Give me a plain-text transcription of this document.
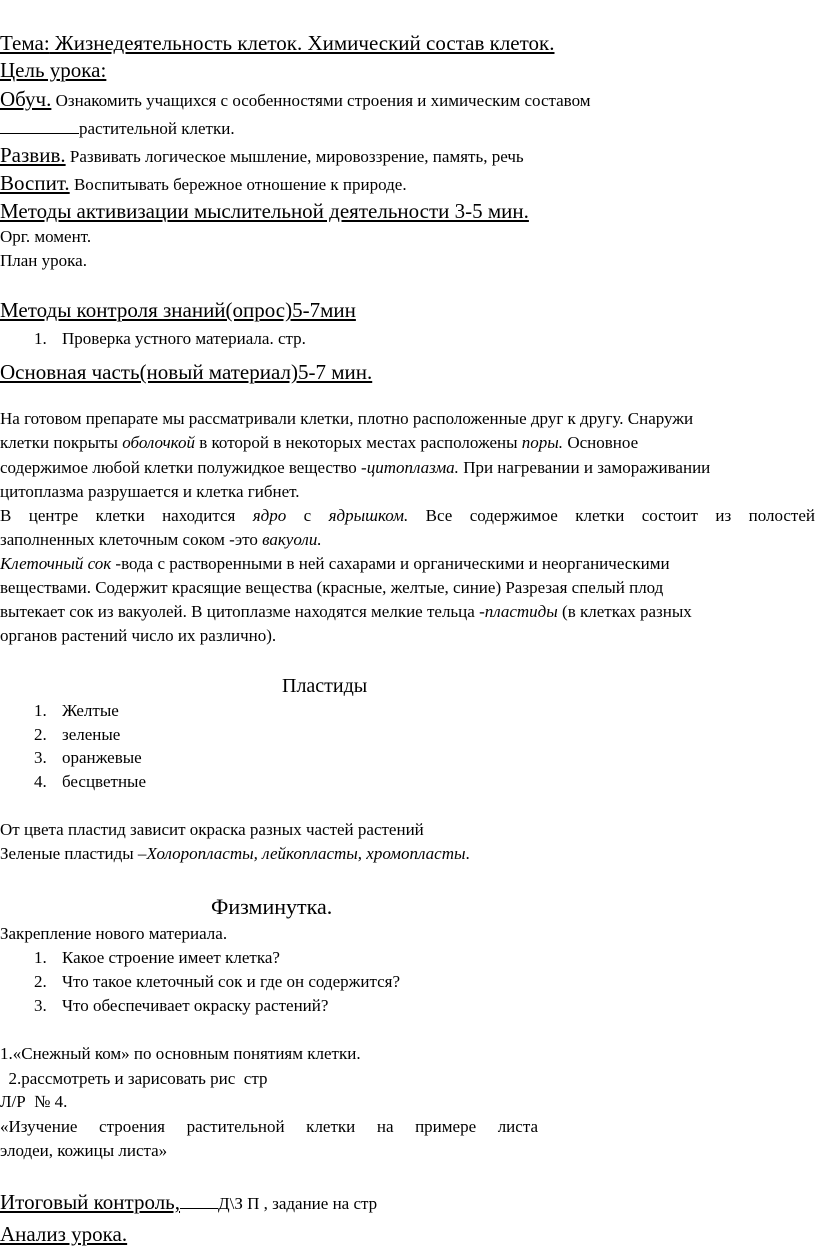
Тема: Жизнедеятельность клеток. Химический состав клеток.
Цель урока:
Обуч. Ознакомить учащихся с особенностями строения и химическим составом
растительной клетки.
Развив. Развивать логическое мышление, мировоззрение, память, речь
Воспит. Воспитывать бережное отношение к природе.
Методы активизации мыслительной деятельности 3-5 мин.
Орг. момент.
План урока.
Методы контроля знаний(опрос)5-7мин
1. Проверка устного материала. стр.
Основная часть(новый материал)5-7 мин.
На готовом препарате мы рассматривали клетки, плотно расположенные друг к другу. Снаружи
клетки покрыты оболочкой в которой в некоторых местах расположены поры. Основное
содержимое любой клетки полужидкое вещество -цитоплазма. При нагревании и замораживании
цитоплазма разрушается и клетка гибнет.
В центре клетки находится ядро с ядрышком. Все содержимое клетки состоит из полостей
заполненных клеточным соком -это вакуоли.
Клеточный сок -вода с растворенными в ней сахарами и органическими и неорганическими
веществами. Содержит красящие вещества (красные, желтые, синие) Разрезая спелый плод
вытекает сок из вакуолей. В цитоплазме находятся мелкие тельца -пластиды (в клетках разных
органов растений число их различно).
Пластиды
1. Желтые
2. зеленые
3. оранжевые
4. бесцветные
От цвета пластид зависит окраска разных частей растений
Зеленые пластиды –Холоропласты, лейкопласты, хромопласты.
Физминутка.
Закрепление нового материала.
1. Какое строение имеет клетка?
2. Что такое клеточный сок и где он содержится?
3. Что обеспечивает окраску растений?
1.«Снежный ком» по основным понятиям клетки.
2.рассмотреть и зарисовать рис  стр
Л/Р  № 4.
«Изучение строения растительной клетки на примере листа
элодеи, кожицы листа»
Итоговый контроль, Д\З П , задание на стр
Анализ урока.
